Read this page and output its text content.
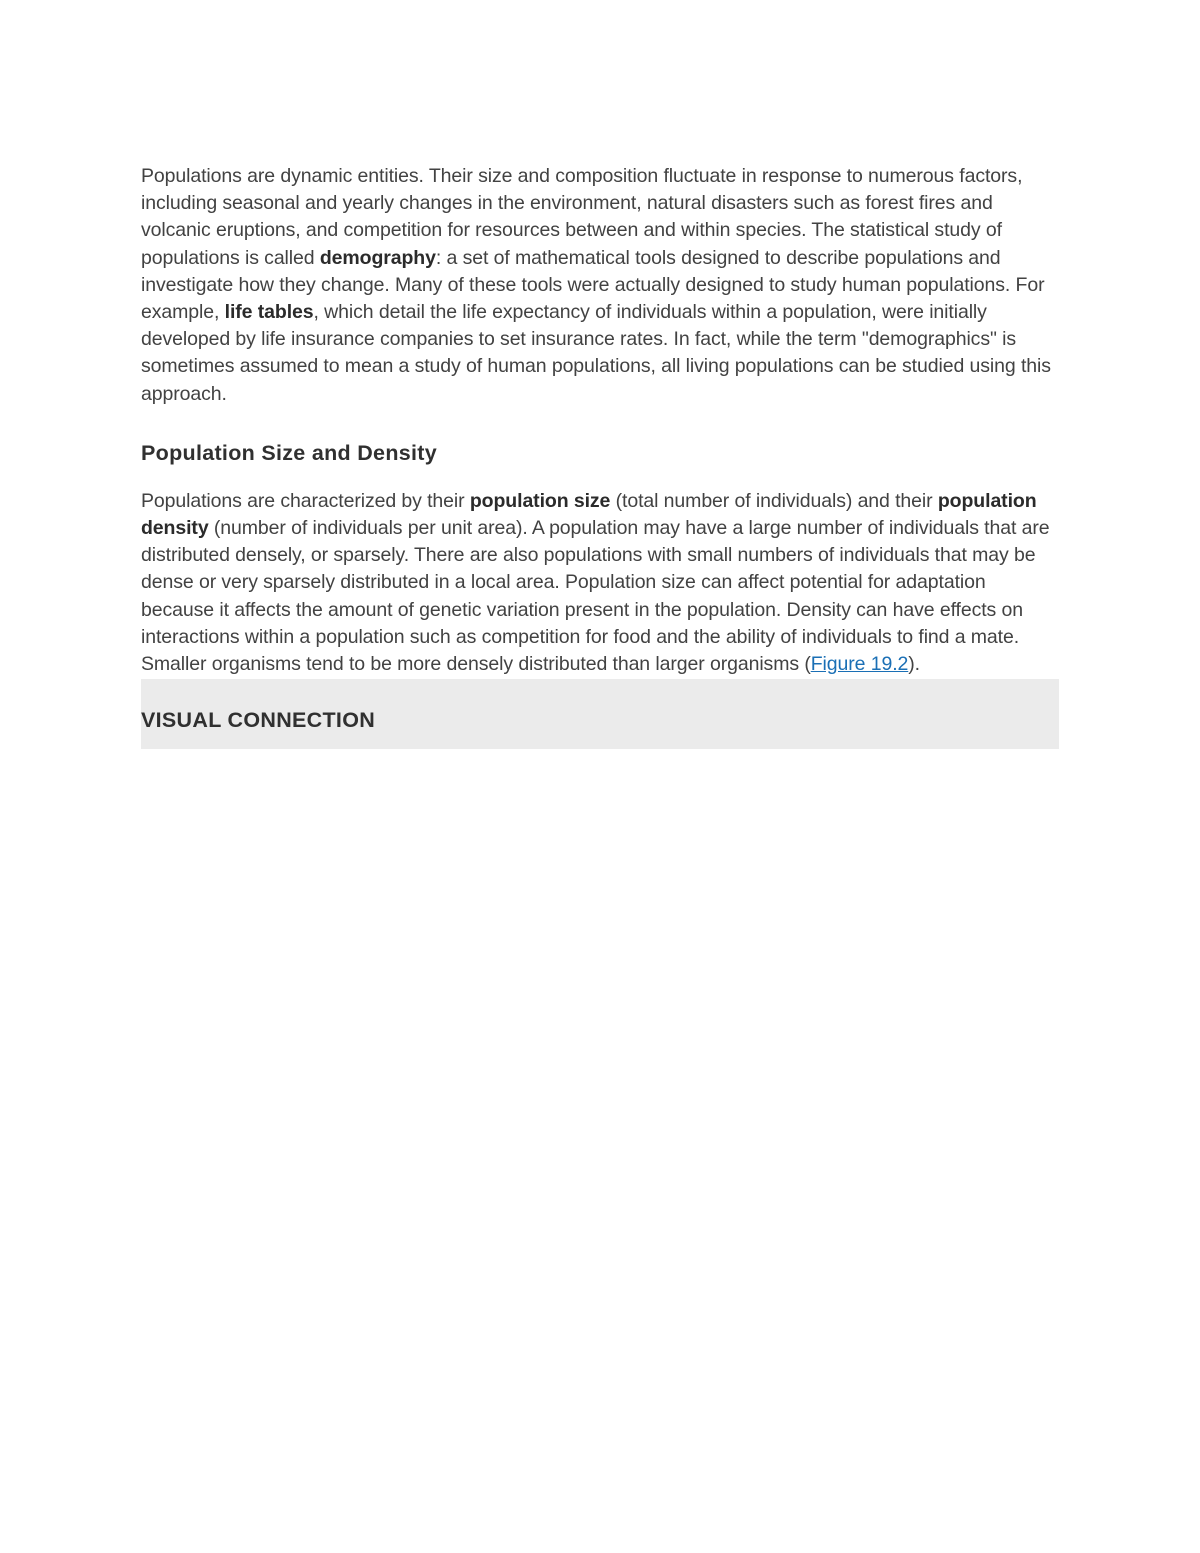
Populations are dynamic entities. Their size and composition fluctuate in response to numerous factors, including seasonal and yearly changes in the environment, natural disasters such as forest fires and volcanic eruptions, and competition for resources between and within species. The statistical study of populations is called demography: a set of mathematical tools designed to describe populations and investigate how they change. Many of these tools were actually designed to study human populations. For example, life tables, which detail the life expectancy of individuals within a population, were initially developed by life insurance companies to set insurance rates. In fact, while the term "demographics" is sometimes assumed to mean a study of human populations, all living populations can be studied using this approach.

Population Size and Density

Populations are characterized by their population size (total number of individuals) and their population density (number of individuals per unit area). A population may have a large number of individuals that are distributed densely, or sparsely. There are also populations with small numbers of individuals that may be dense or very sparsely distributed in a local area. Population size can affect potential for adaptation because it affects the amount of genetic variation present in the population. Density can have effects on interactions within a population such as competition for food and the ability of individuals to find a mate. Smaller organisms tend to be more densely distributed than larger organisms (Figure 19.2).

VISUAL CONNECTION
